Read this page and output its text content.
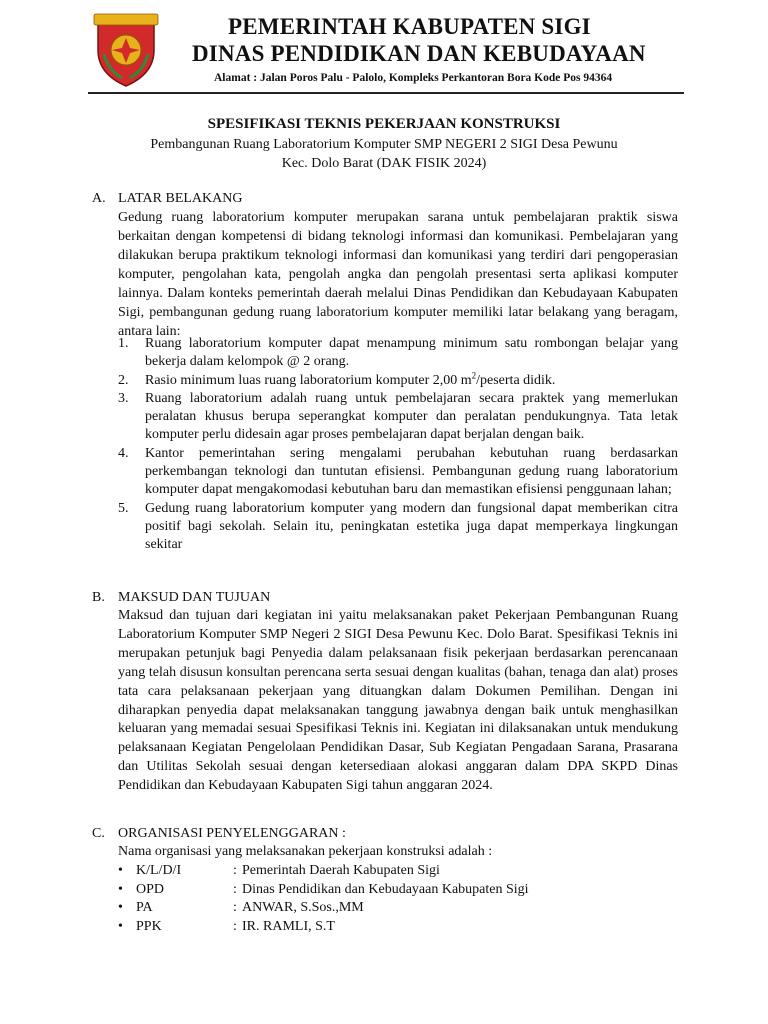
PEMERINTAH KABUPATEN SIGI
DINAS PENDIDIKAN DAN KEBUDAYAAN
Alamat : Jalan Poros Palu - Palolo, Kompleks Perkantoran Bora Kode Pos 94364
SPESIFIKASI TEKNIS PEKERJAAN KONSTRUKSI
Pembangunan Ruang Laboratorium Komputer SMP NEGERI 2 SIGI Desa Pewunu
Kec. Dolo Barat (DAK FISIK 2024)
A. LATAR BELAKANG
Gedung ruang laboratorium komputer merupakan sarana untuk pembelajaran praktik siswa berkaitan dengan kompetensi di bidang teknologi informasi dan komunikasi. Pembelajaran yang dilakukan berupa praktikum teknologi informasi dan komunikasi yang terdiri dari pengoperasian komputer, pengolahan kata, pengolah angka dan pengolah presentasi serta aplikasi komputer lainnya. Dalam konteks pemerintah daerah melalui Dinas Pendidikan dan Kebudayaan Kabupaten Sigi, pembangunan gedung ruang laboratorium komputer memiliki latar belakang yang beragam, antara lain:
1. Ruang laboratorium komputer dapat menampung minimum satu rombongan belajar yang bekerja dalam kelompok @ 2 orang.
2. Rasio minimum luas ruang laboratorium komputer 2,00 $m^2$/peserta didik.
3. Ruang laboratorium adalah ruang untuk pembelajaran secara praktek yang memerlukan peralatan khusus berupa seperangkat komputer dan peralatan pendukungnya. Tata letak komputer perlu didesain agar proses pembelajaran dapat berjalan dengan baik.
4. Kantor pemerintahan sering mengalami perubahan kebutuhan ruang berdasarkan perkembangan teknologi dan tuntutan efisiensi. Pembangunan gedung ruang laboratorium komputer dapat mengakomodasi kebutuhan baru dan memastikan efisiensi penggunaan lahan;
5. Gedung ruang laboratorium komputer yang modern dan fungsional dapat memberikan citra positif bagi sekolah. Selain itu, peningkatan estetika juga dapat memperkaya lingkungan sekitar
B. MAKSUD DAN TUJUAN
Maksud dan tujuan dari kegiatan ini yaitu melaksanakan paket Pekerjaan Pembangunan Ruang Laboratorium Komputer SMP Negeri 2 SIGI Desa Pewunu Kec. Dolo Barat. Spesifikasi Teknis ini merupakan petunjuk bagi Penyedia dalam pelaksanaan fisik pekerjaan berdasarkan perencanaan yang telah disusun konsultan perencana serta sesuai dengan kualitas (bahan, tenaga dan alat) proses tata cara pelaksanaan pekerjaan yang dituangkan dalam Dokumen Pemilihan. Dengan ini diharapkan penyedia dapat melaksanakan tanggung jawabnya dengan baik untuk menghasilkan keluaran yang memadai sesuai Spesifikasi Teknis ini. Kegiatan ini dilaksanakan untuk mendukung pelaksanaan Kegiatan Pengelolaan Pendidikan Dasar, Sub Kegiatan Pengadaan Sarana, Prasarana dan Utilitas Sekolah sesuai dengan ketersediaan alokasi anggaran dalam DPA SKPD Dinas Pendidikan dan Kebudayaan Kabupaten Sigi tahun anggaran 2024.
C. ORGANISASI PENYELENGGARAN :
Nama organisasi yang melaksanakan pekerjaan konstruksi adalah :
• K/L/D/I	: Pemerintah Daerah Kabupaten Sigi
• OPD	: Dinas Pendidikan dan Kebudayaan Kabupaten Sigi
• PA	: ANWAR, S.Sos.,MM
• PPK	: IR. RAMLI, S.T
